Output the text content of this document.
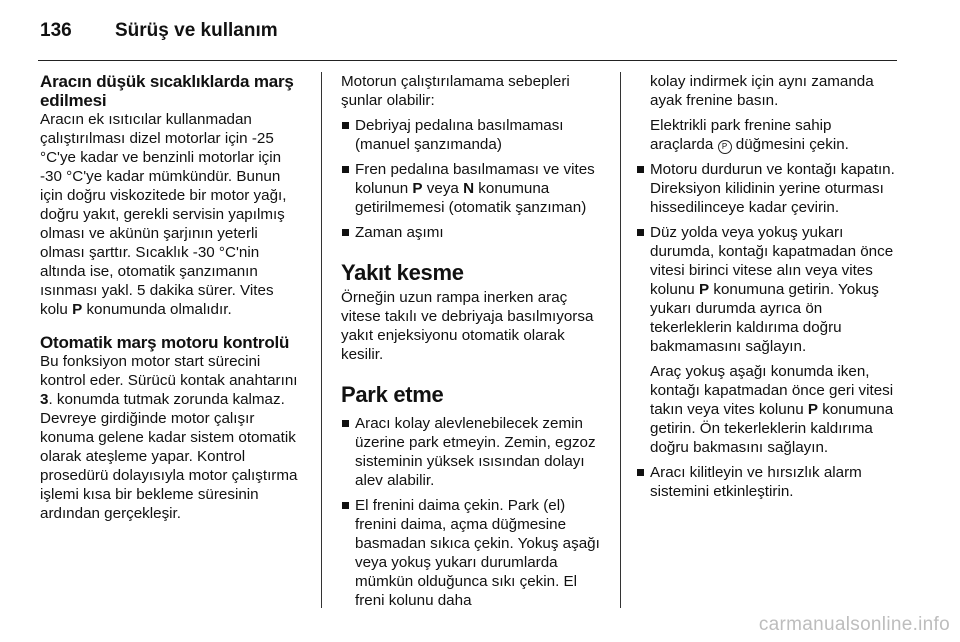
136	Sürüş ve kullanım
Aracın düşük sıcaklıklarda marş edilmesi

Aracın ek ısıtıcılar kullanmadan çalıştırılması dizel motorlar için -25 °C'ye kadar ve benzinli motorlar için -30 °C'ye kadar mümkündür. Bunun için doğru viskozitede bir motor yağı, doğru yakıt, gerekli servisin yapılmış olması ve akünün şarjının yeterli olması şarttır. Sıcaklık -30 °C'nin altında ise, otomatik şanzımanın ısınması yakl. 5 dakika sürer. Vites kolu P konumunda olmalıdır.

Otomatik marş motoru kontrolü

Bu fonksiyon motor start sürecini kontrol eder. Sürücü kontak anahtarını 3. konumda tutmak zorunda kalmaz. Devreye girdiğinde motor çalışır konuma gelene kadar sistem otomatik olarak ateşleme yapar. Kontrol prosedürü dolayısıyla motor çalıştırma işlemi kısa bir bekleme süresinin ardından gerçekleşir.

Motorun çalıştırılamama sebepleri şunlar olabilir:

Debriyaj pedalına basılmaması (manuel şanzımanda)
Fren pedalına basılmaması ve vites kolunun P veya N konumuna getirilmemesi (otomatik şanzıman)
Zaman aşımı
Yakıt kesme

Örneğin uzun rampa inerken araç vitese takılı ve debriyaja basılmıyorsa yakıt enjeksiyonu otomatik olarak kesilir.

Park etme
Aracı kolay alevlenebilecek zemin üzerine park etmeyin. Zemin, egzoz sisteminin yüksek ısısından dolayı alev alabilir.
El frenini daima çekin. Park (el) frenini daima, açma düğmesine basmadan sıkıca çekin. Yokuş aşağı veya yokuş yukarı durumlarda mümkün olduğunca sıkı çekin. El freni kolunu daha

kolay indirmek için aynı zamanda ayak frenine basın.

Elektrikli park frenine sahip araçlarda P düğmesini çekin.

Motoru durdurun ve kontağı kapatın. Direksiyon kilidinin yerine oturması hissedilinceye kadar çevirin.
Düz yolda veya yokuş yukarı durumda, kontağı kapatmadan önce vitesi birinci vitese alın veya vites kolunu P konumuna getirin. Yokuş yukarı durumda ayrıca ön tekerleklerin kaldırıma doğru bakmamasını sağlayın.

Araç yokuş aşağı konumda iken, kontağı kapatmadan önce geri vitesi takın veya vites kolunu P konumuna getirin. Ön tekerleklerin kaldırıma doğru bakmasını sağlayın.

Aracı kilitleyin ve hırsızlık alarm sistemini etkinleştirin.
carmanualsonline.info
